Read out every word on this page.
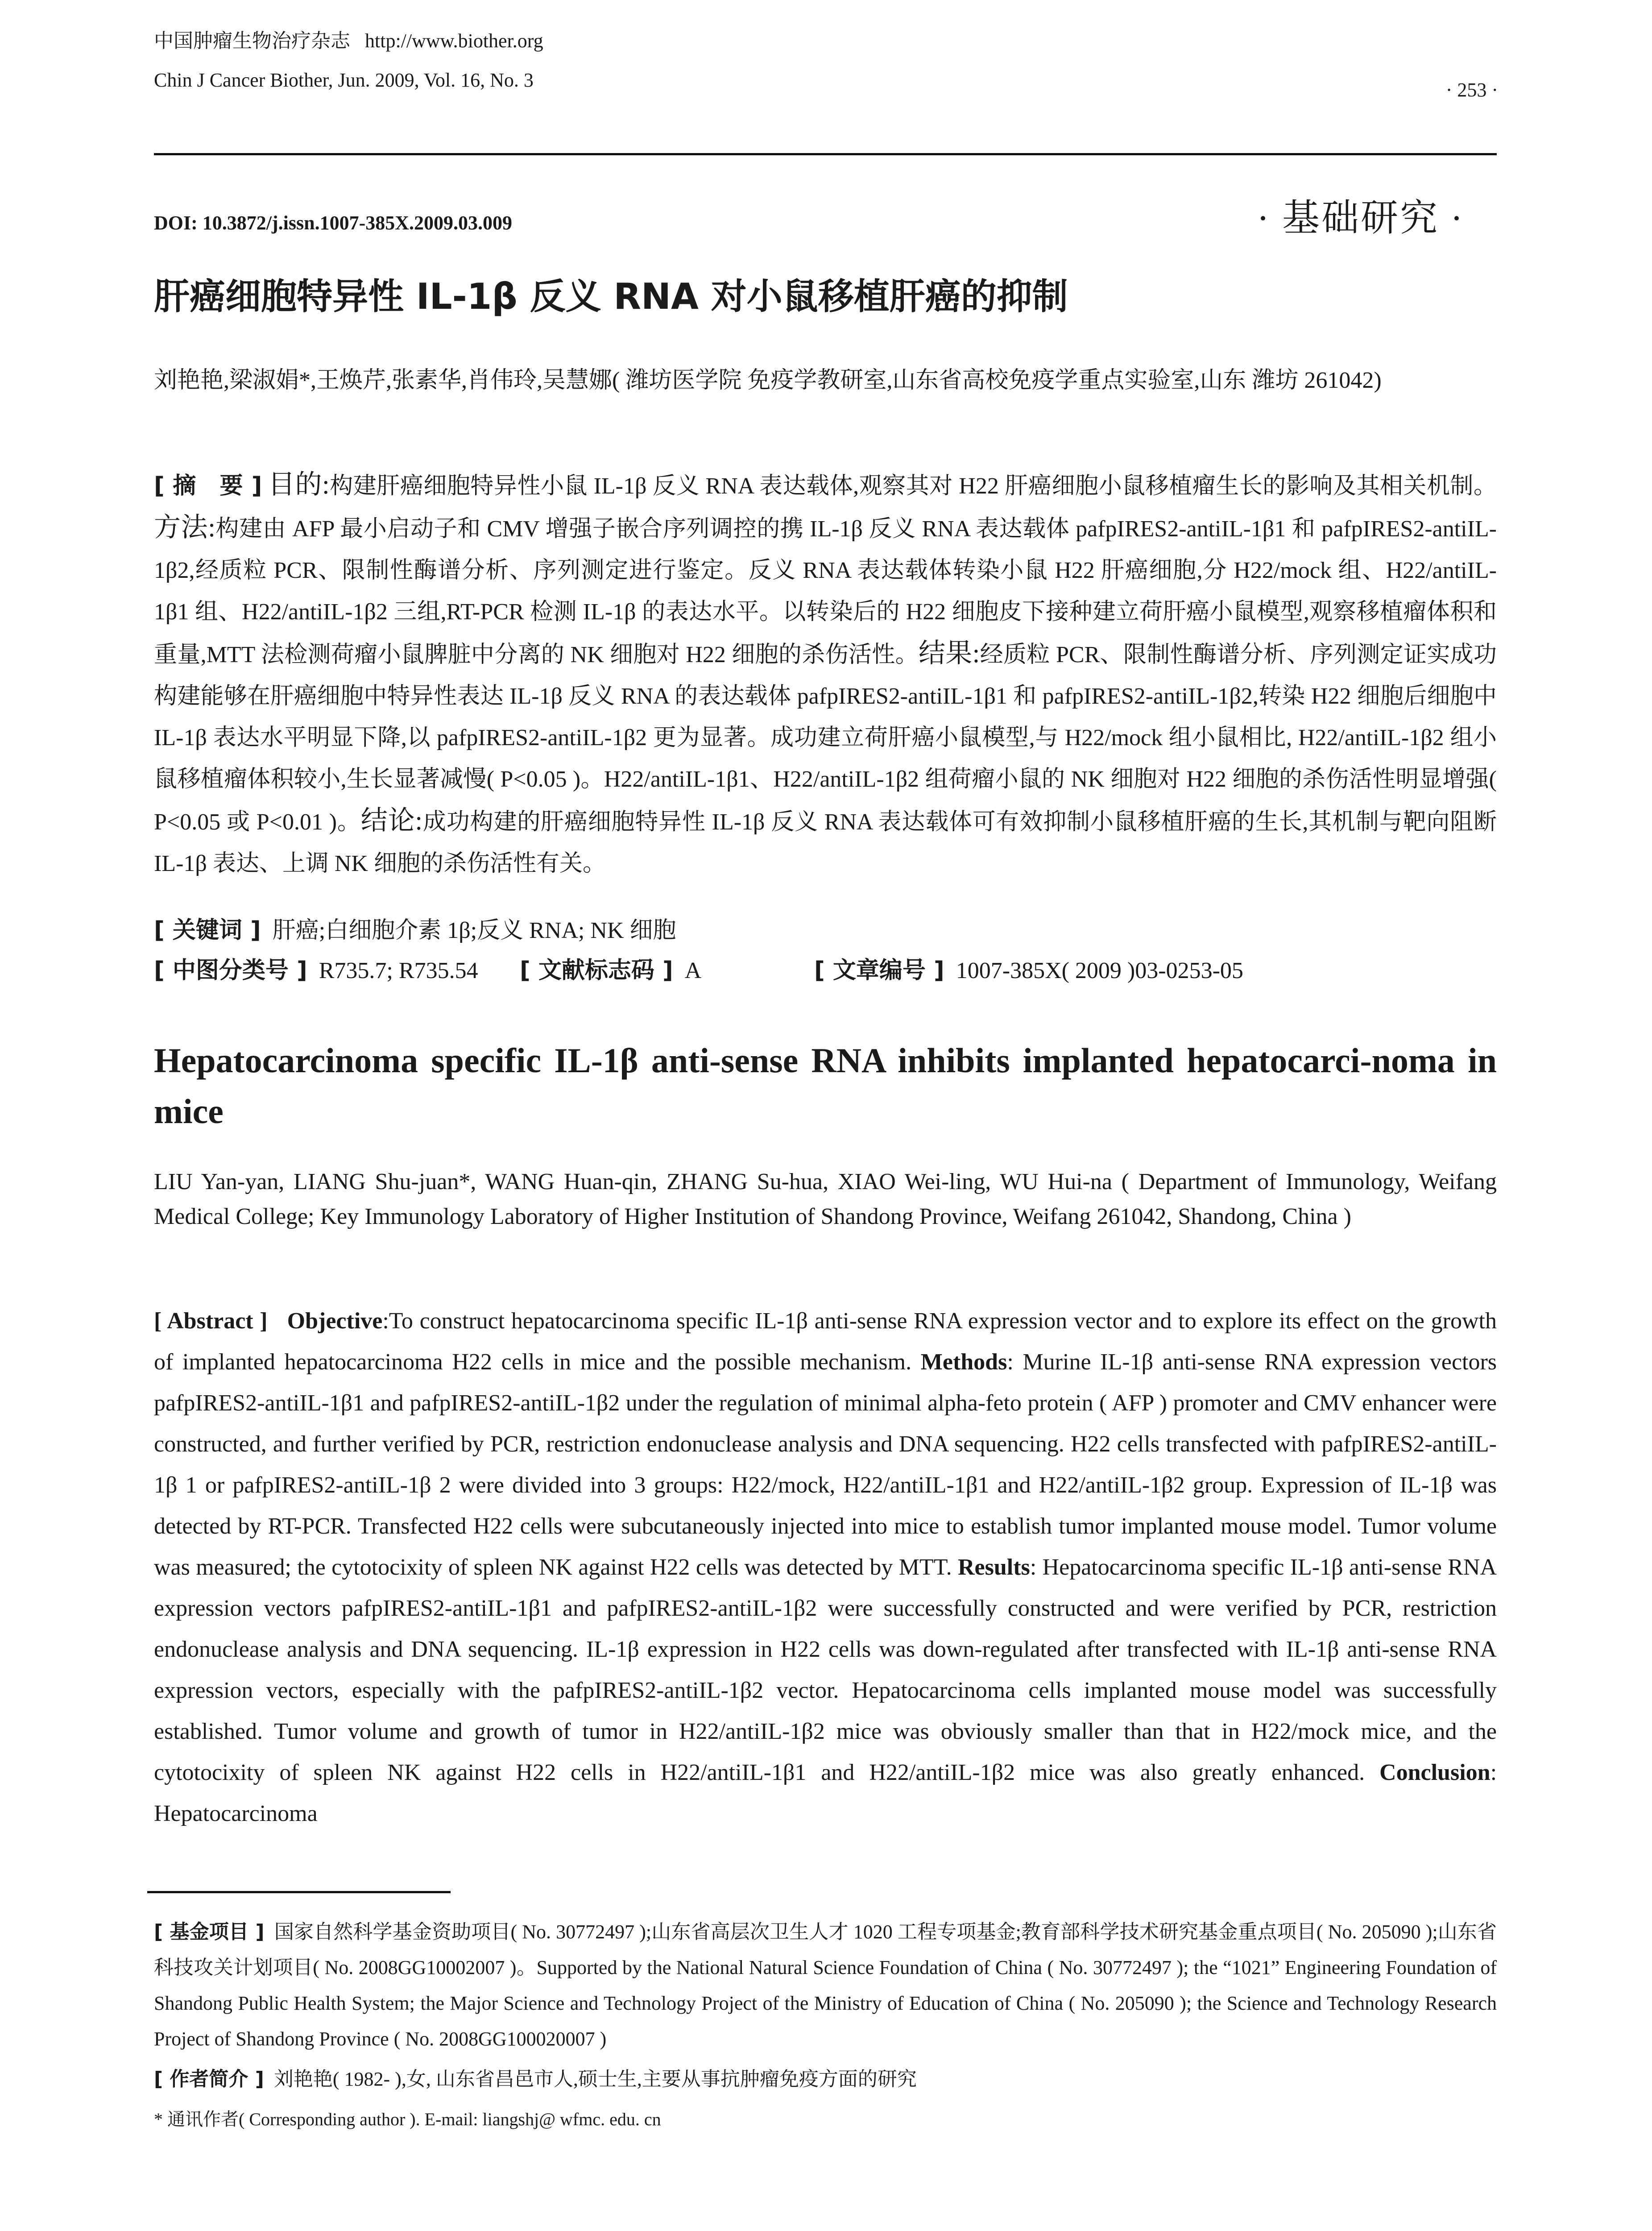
中国肿瘤生物治疗杂志 http://www.biother.org
Chin J Cancer Biother, Jun. 2009, Vol. 16, No. 3	· 253 ·
DOI: 10.3872/j.issn.1007-385X.2009.03.009	· 基础研究 ·
肝癌细胞特异性 IL-1β 反义 RNA 对小鼠移植肝癌的抑制
刘艳艳,梁淑娟*,王焕芹,张素华,肖伟玲,吴慧娜( 潍坊医学院 免疫学教研室,山东省高校免疫学重点实验室,山东 潍坊 261042)
[ 摘　要 ] 目的:构建肝癌细胞特异性小鼠 IL-1β 反义 RNA 表达载体,观察其对 H22 肝癌细胞小鼠移植瘤生长的影响及其相关机制。方法:构建由 AFP 最小启动子和 CMV 增强子嵌合序列调控的携 IL-1β 反义 RNA 表达载体 pafpIRES2-antiIL-1β1 和 pafpIRES2-antiIL-1β2,经质粒 PCR、限制性酶谱分析、序列测定进行鉴定。反义 RNA 表达载体转染小鼠 H22 肝癌细胞,分 H22/mock 组、H22/antiIL-1β1 组、H22/antiIL-1β2 三组,RT-PCR 检测 IL-1β 的表达水平。以转染后的 H22 细胞皮下接种建立荷肝癌小鼠模型,观察移植瘤体积和重量,MTT 法检测荷瘤小鼠脾脏中分离的 NK 细胞对 H22 细胞的杀伤活性。结果:经质粒 PCR、限制性酶谱分析、序列测定证实成功构建能够在肝癌细胞中特异性表达 IL-1β 反义 RNA 的表达载体 pafpIRES2-antiIL-1β1 和 pafpIRES2-antiIL-1β2,转染 H22 细胞后细胞中 IL-1β 表达水平明显下降,以 pafpIRES2-antiIL-1β2 更为显著。成功建立荷肝癌小鼠模型,与 H22/mock 组小鼠相比, H22/antiIL-1β2 组小鼠移植瘤体积较小,生长显著减慢( P<0.05 )。H22/antiIL-1β1、H22/antiIL-1β2 组荷瘤小鼠的 NK 细胞对 H22 细胞的杀伤活性明显增强( P<0.05 或 P<0.01 )。结论:成功构建的肝癌细胞特异性 IL-1β 反义 RNA 表达载体可有效抑制小鼠移植肝癌的生长,其机制与靶向阻断 IL-1β 表达、上调 NK 细胞的杀伤活性有关。
[ 关键词 ] 肝癌;白细胞介素 1β;反义 RNA; NK 细胞
[ 中图分类号 ] R735.7; R735.54 [ 文献标志码 ] A	[ 文章编号 ] 1007-385X( 2009 )03-0253-05
Hepatocarcinoma specific IL-1β anti-sense RNA inhibits implanted hepatocarci-noma in mice
LIU Yan-yan, LIANG Shu-juan*, WANG Huan-qin, ZHANG Su-hua, XIAO Wei-ling, WU Hui-na ( Department of Immunology, Weifang Medical College; Key Immunology Laboratory of Higher Institution of Shandong Province, Weifang 261042, Shandong, China )
[ Abstract ] Objective:To construct hepatocarcinoma specific IL-1β anti-sense RNA expression vector and to explore its effect on the growth of implanted hepatocarcinoma H22 cells in mice and the possible mechanism. Methods: Murine IL-1β anti-sense RNA expression vectors pafpIRES2-antiIL-1β1 and pafpIRES2-antiIL-1β2 under the regulation of minimal alpha-feto protein ( AFP ) promoter and CMV enhancer were constructed, and further verified by PCR, restriction endonuclease analysis and DNA sequencing. H22 cells transfected with pafpIRES2-antiIL-1β 1 or pafpIRES2-antiIL-1β 2 were divided into 3 groups: H22/mock, H22/antiIL-1β1 and H22/antiIL-1β2 group. Expression of IL-1β was detected by RT-PCR. Transfected H22 cells were subcutaneously injected into mice to establish tumor implanted mouse model. Tumor volume was measured; the cytotocixity of spleen NK against H22 cells was detected by MTT. Results: Hepatocarcinoma specific IL-1β anti-sense RNA expression vectors pafpIRES2-antiIL-1β1 and pafpIRES2-antiIL-1β2 were successfully constructed and were verified by PCR, restriction endonuclease analysis and DNA sequencing. IL-1β expression in H22 cells was down-regulated after transfected with IL-1β anti-sense RNA expression vectors, especially with the pafpIRES2-antiIL-1β2 vector. Hepatocarcinoma cells implanted mouse model was successfully established. Tumor volume and growth of tumor in H22/antiIL-1β2 mice was obviously smaller than that in H22/mock mice, and the cytotocixity of spleen NK against H22 cells in H22/antiIL-1β1 and H22/antiIL-1β2 mice was also greatly enhanced. Conclusion: Hepatocarcinoma
[ 基金项目 ] 国家自然科学基金资助项目( No. 30772497 );山东省高层次卫生人才 1020 工程专项基金;教育部科学技术研究基金重点项目( No. 205090 );山东省科技攻关计划项目( No. 2008GG10002007 )。Supported by the National Natural Science Foundation of China ( No. 30772497 ); the “1021” Engineering Foundation of Shandong Public Health System; the Major Science and Technology Project of the Ministry of Education of China ( No. 205090 ); the Science and Technology Research Project of Shandong Province ( No. 2008GG100020007 )
[ 作者简介 ] 刘艳艳( 1982- ),女, 山东省昌邑市人,硕士生,主要从事抗肿瘤免疫方面的研究
* 通讯作者( Corresponding author ). E-mail: liangshj@ wfmc. edu. cn
